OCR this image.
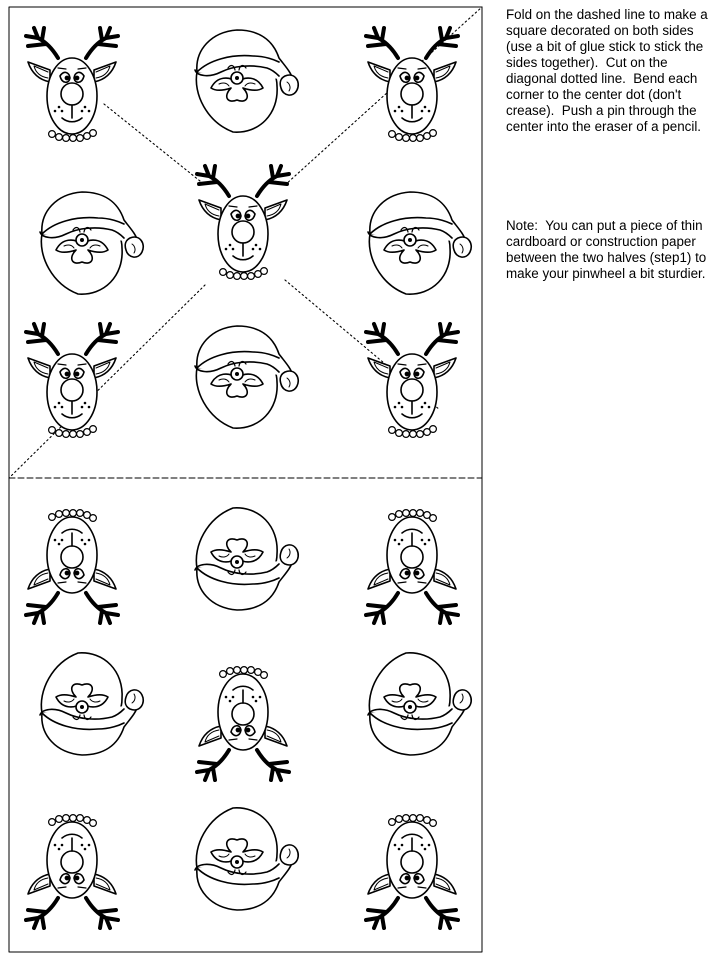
Fold on the dashed line to make a square decorated on both sides (use a bit of glue stick to stick the sides together).  Cut on the diagonal dotted line.  Bend each corner to the center dot (don't crease).  Push a pin through the center into the eraser of a pencil.

Note:  You can put a piece of thin cardboard or construction paper between the two halves (step1) to make your pinwheel a bit sturdier.
